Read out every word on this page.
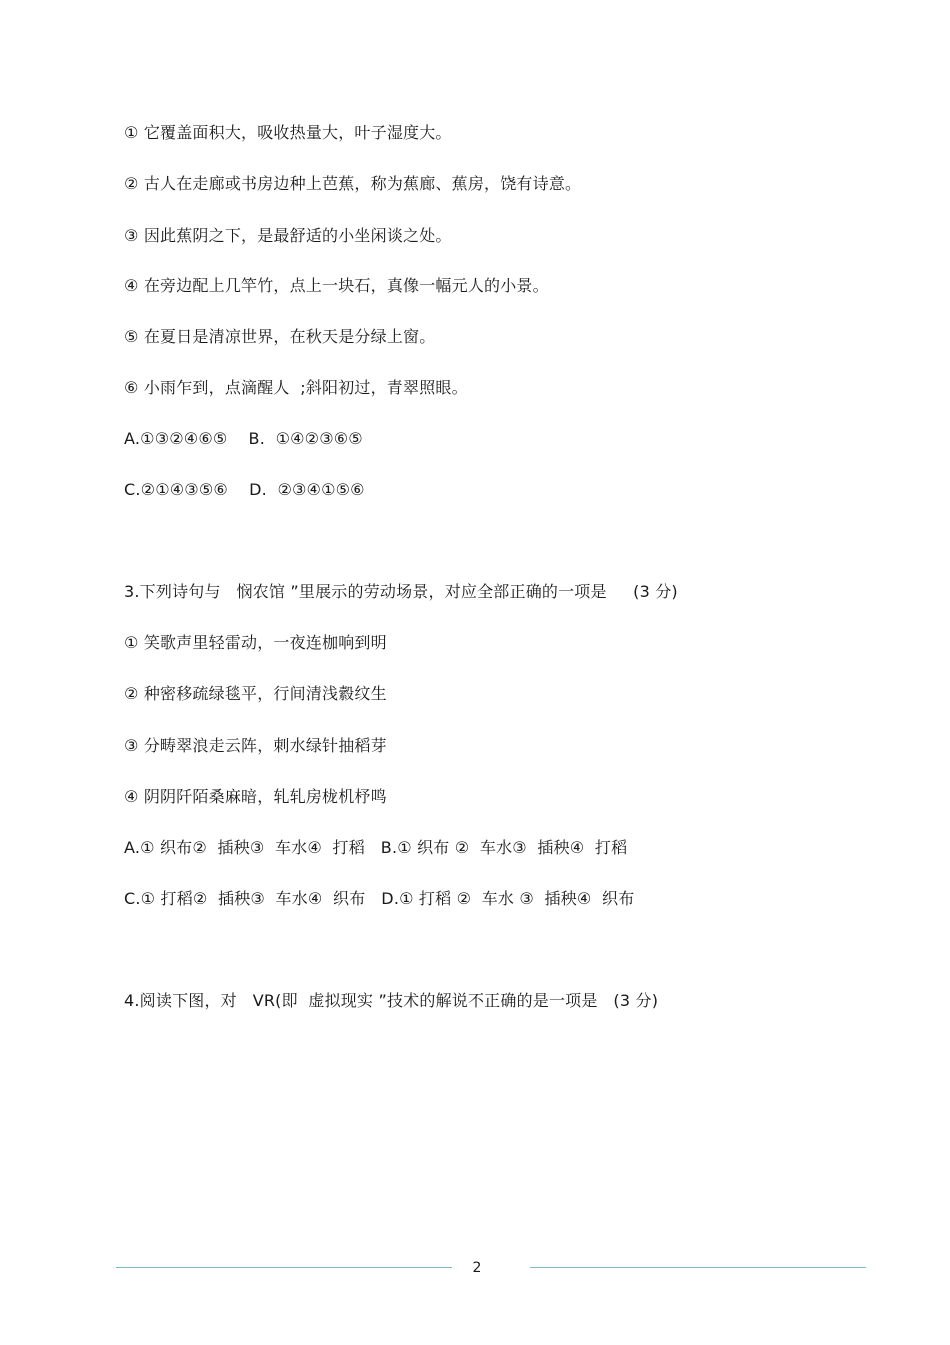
① 它覆盖面积大，吸收热量大，叶子湿度大。
② 古人在走廊或书房边种上芭蕉，称为蕉廊、蕉房，饶有诗意。
③ 因此蕉阴之下，是最舒适的小坐闲谈之处。
④ 在旁边配上几竿竹，点上一块石，真像一幅元人的小景。
⑤ 在夏日是清凉世界，在秋天是分绿上窗。
⑥ 小雨乍到，点滴醒人  ;斜阳初过，青翠照眼。
A.①③②④⑥⑤    B.  ①④②③⑥⑤
C.②①④③⑤⑥    D.  ②③④①⑤⑥
3.下列诗句与   悯农馆 ”里展示的劳动场景，对应全部正确的一项是     (3 分)
① 笑歌声里轻雷动，一夜连枷响到明
② 种密移疏绿毯平，行间清浅縠纹生
③ 分畴翠浪走云阵，刺水绿针抽稻芽
④ 阴阴阡陌桑麻暗，轧轧房栊机杼鸣
A.① 织布②  插秧③  车水④  打稻   B.① 织布 ②  车水③  插秧④  打稻
C.① 打稻②  插秧③  车水④  织布   D.① 打稻 ②  车水 ③  插秧④  织布
4.阅读下图，对   VR(即  虚拟现实 ”技术的解说不正确的是一项是   (3 分)
2
